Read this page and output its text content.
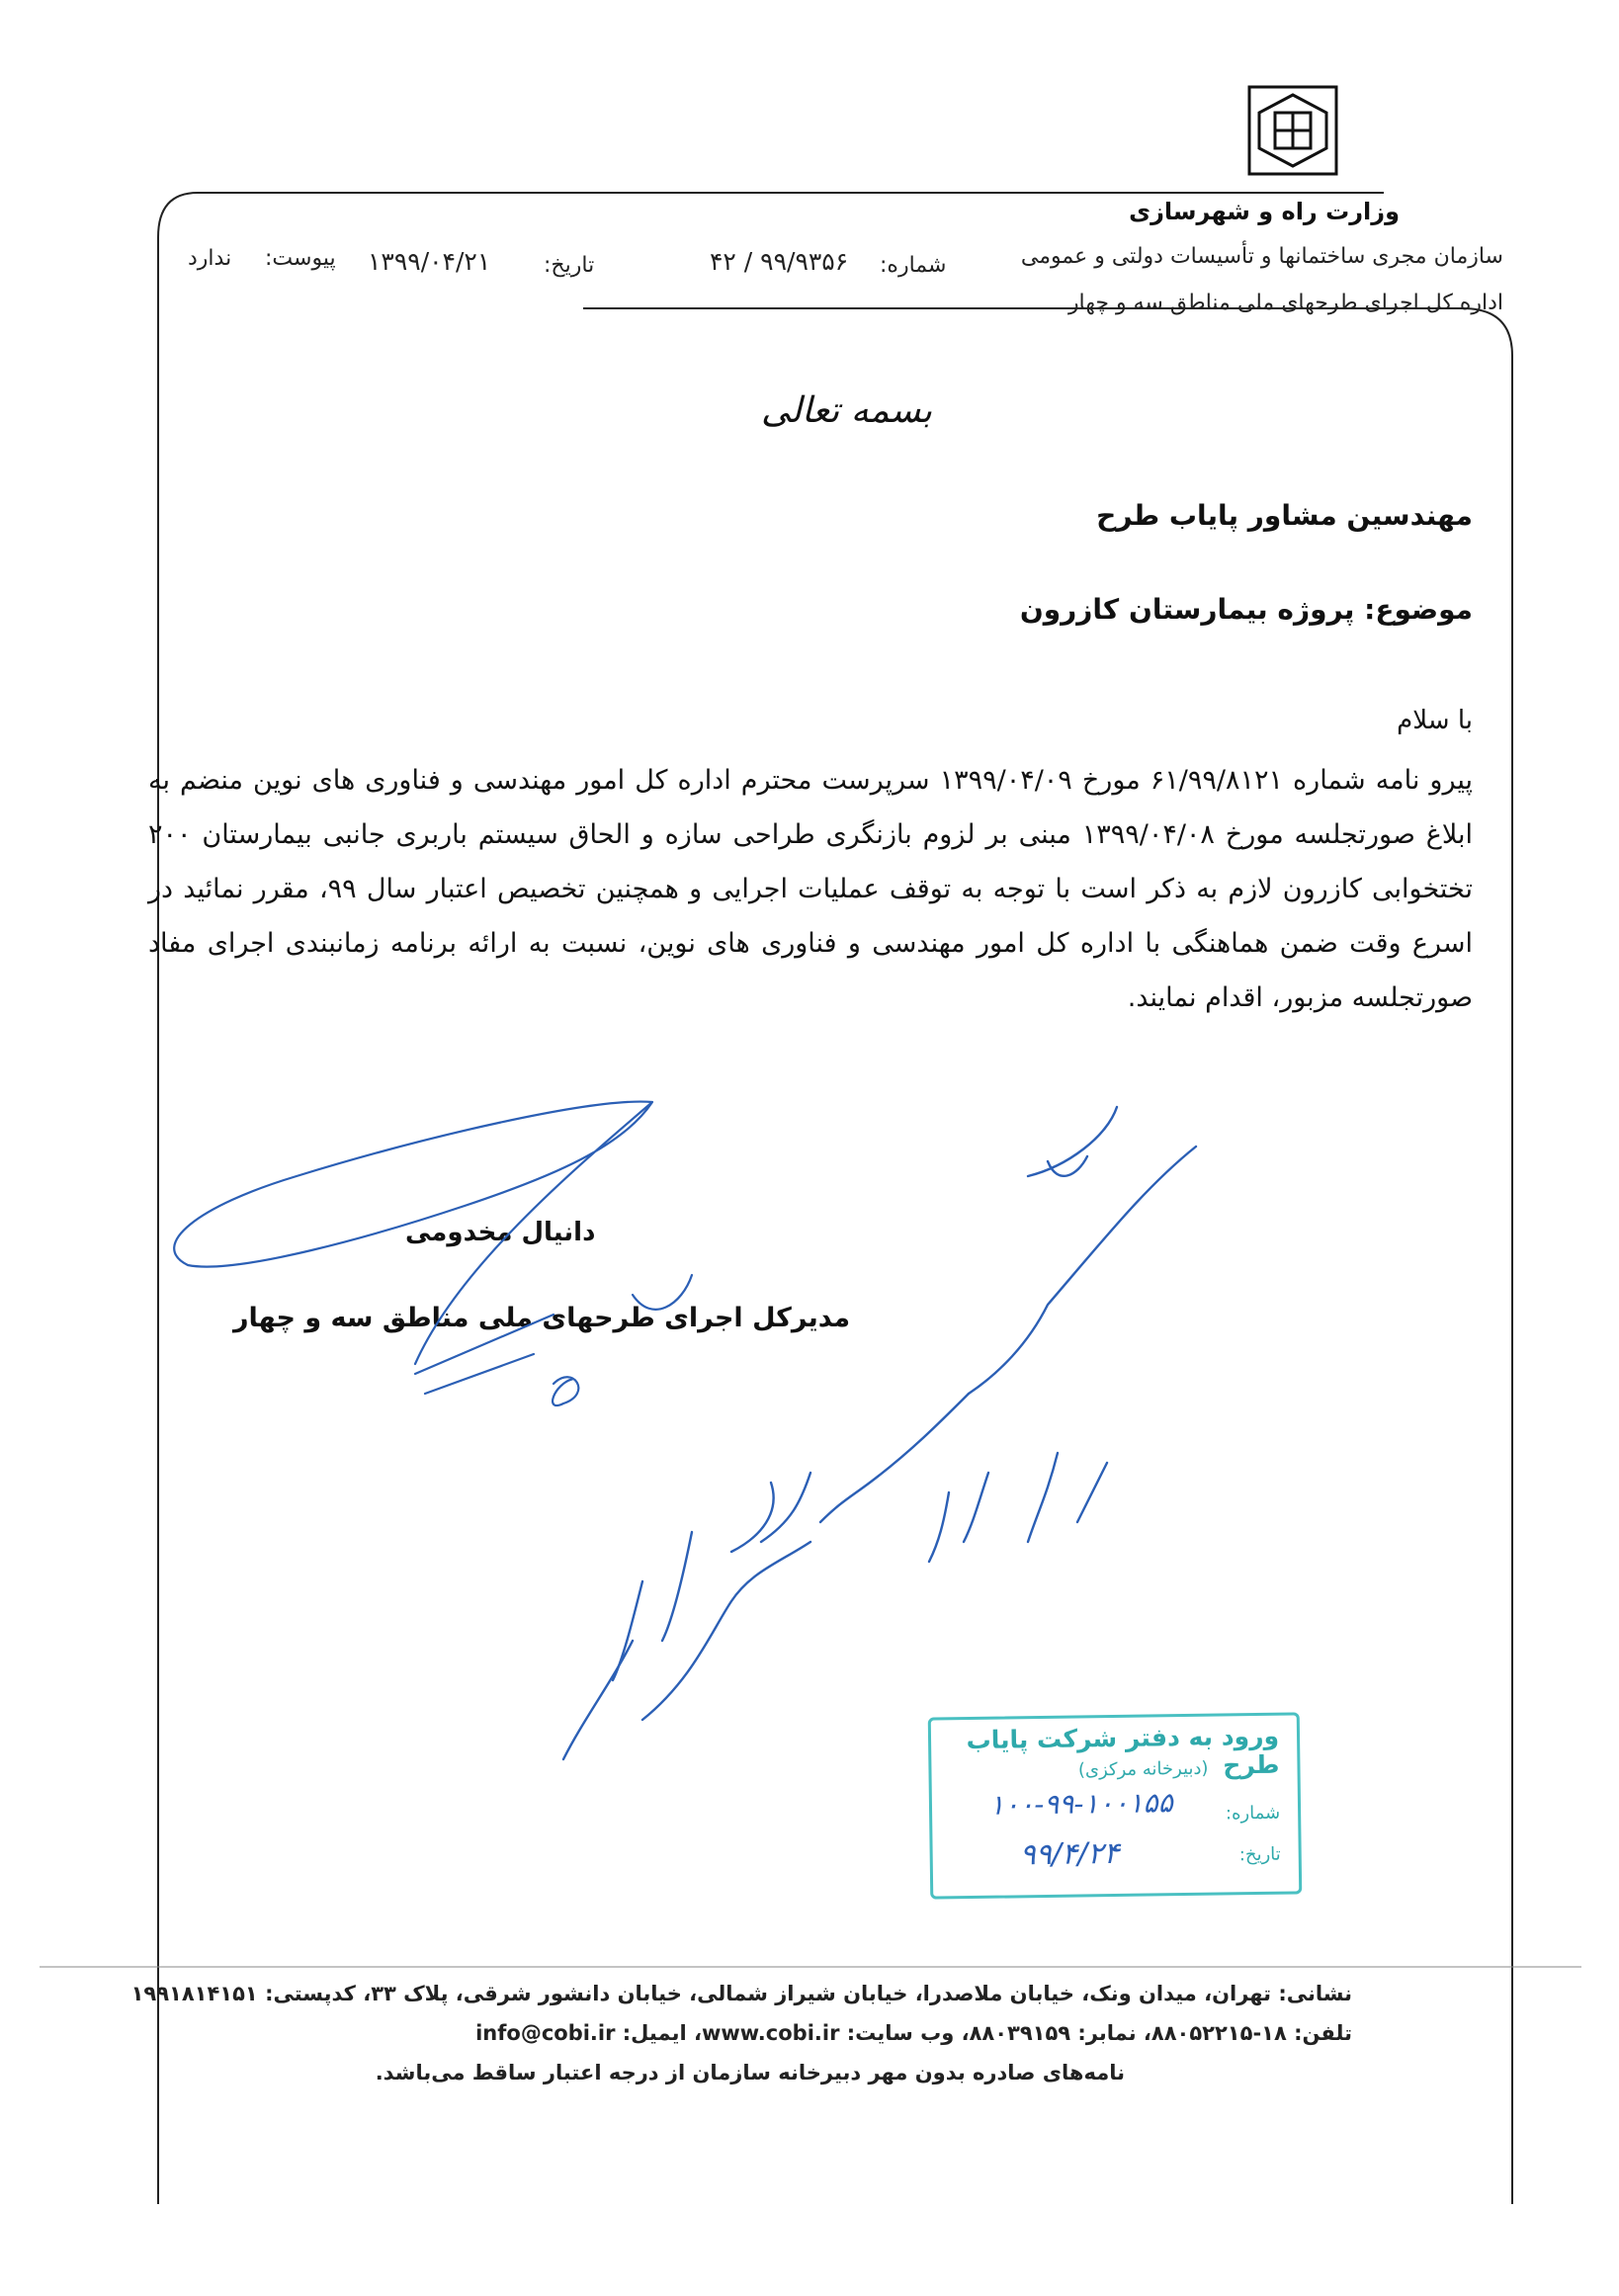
وزارت راه و شهرسازی
سازمان مجری ساختمانها و تأسیسات دولتی و عمومی
اداره کل اجرای طرحهای ملی مناطق سه و چهار
شماره:
۴۲ / ۹۹/۹۳۵۶
تاریخ:
۱۳۹۹/۰۴/۲۱
پیوست:
ندارد
بسمه تعالی
مهندسین مشاور پایاب طرح
موضوع: پروژه بیمارستان کازرون
با سلام
پیرو نامه شماره ۶۱/۹۹/۸۱۲۱ مورخ ۱۳۹۹/۰۴/۰۹ سرپرست محترم اداره کل امور مهندسی و فناوری های نوین منضم به ابلاغ صورتجلسه مورخ ۱۳۹۹/۰۴/۰۸ مبنی بر لزوم بازنگری طراحی سازه و الحاق سیستم باربری جانبی بیمارستان ۲۰۰ تختخوابی کازرون لازم به ذکر است با توجه به توقف عملیات اجرایی و همچنین تخصیص اعتبار سال ۹۹، مقرر نمائید در اسرع وقت ضمن هماهنگی با اداره کل امور مهندسی و فناوری های نوین، نسبت به ارائه برنامه زمانبندی اجرای مفاد صورتجلسه مزبور، اقدام نمایند.
دانیال مخدومی
مدیرکل اجرای طرحهای ملی مناطق سه و چهار
ورود به دفتر شرکت پایاب طرح
(دبیرخانه مرکزی)
شماره:
تاریخ:
۱۰۰-۹۹-۱۰۰۱۵۵
۹۹/۴/۲۴
نشانی: تهران، میدان ونک، خیابان ملاصدرا، خیابان شیراز شمالی، خیابان دانشور شرقی، پلاک ۳۳، کدپستی: ۱۹۹۱۸۱۴۱۵۱
تلفن: ۱۸-۸۸۰۵۲۲۱۵، نمابر: ۸۸۰۳۹۱۵۹، وب سایت: www.cobi.ir، ایمیل: info@cobi.ir
نامه‌های صادره بدون مهر دبیرخانه سازمان از درجه اعتبار ساقط می‌باشد.
